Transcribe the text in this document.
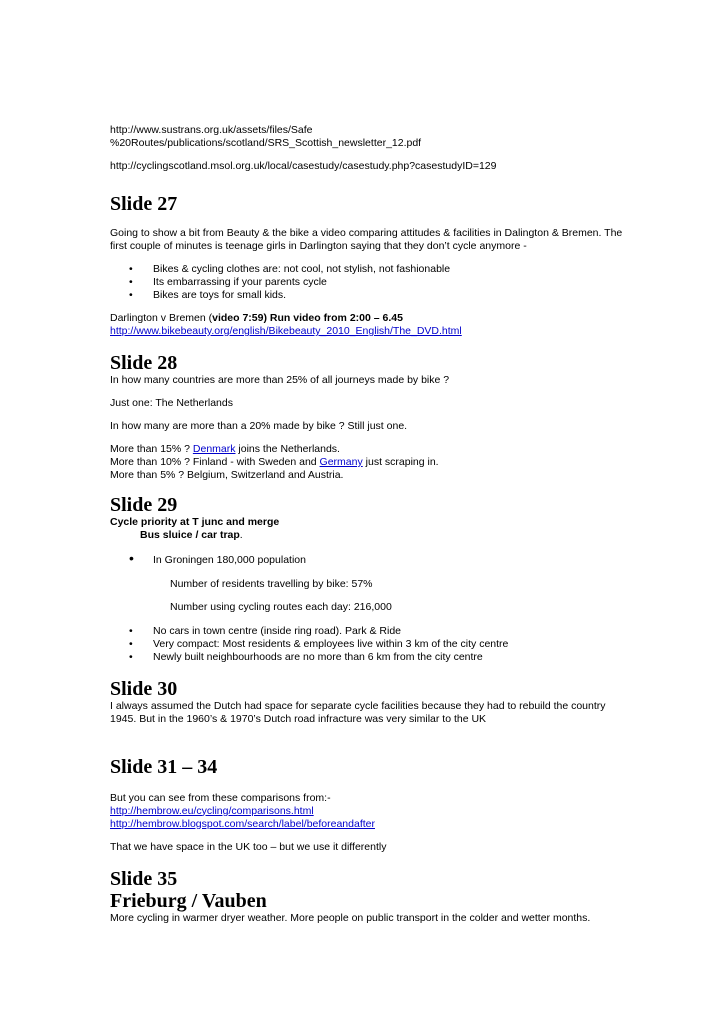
http://www.sustrans.org.uk/assets/files/Safe

%20Routes/publications/scotland/SRS_Scottish_newsletter_12.pdf

http://cyclingscotland.msol.org.uk/local/casestudy/casestudy.php?casestudyID=129

Slide 27

Going to show a bit from Beauty & the bike a video comparing attitudes & facilities in Dalington & Bremen. The first couple of minutes is teenage girls in Darlington saying that they don’t cycle anymore -

• Bikes & cycling clothes are: not cool, not stylish, not fashionable
• Its embarrassing if your parents cycle
• Bikes are toys for small kids.

Darlington v Bremen (video 7:59) Run video from 2:00 – 6.45

http://www.bikebeauty.org/english/Bikebeauty_2010_English/The_DVD.html

Slide 28

In how many countries are more than 25% of all journeys made by bike ?

Just one: The Netherlands

In how many are more than a 20% made by bike ? Still just one.

More than 15% ? Denmark joins the Netherlands.

More than 10% ? Finland - with Sweden and Germany just scraping in.

More than 5% ? Belgium, Switzerland and Austria.

Slide 29

Cycle priority at T junc and merge

Bus sluice / car trap.

• In Groningen 180,000 population

Number of residents travelling by bike: 57%

Number using cycling routes each day: 216,000

• No cars in town centre (inside ring road). Park & Ride
• Very compact: Most residents & employees live within 3 km of the city centre
• Newly built neighbourhoods are no more than 6 km from the city centre
Slide 30

I always assumed the Dutch had space for separate cycle facilities because they had to rebuild the country 1945. But in the 1960’s & 1970’s Dutch road infracture was very similar to the UK

Slide 31 – 34

But you can see from these comparisons from:-

http://hembrow.eu/cycling/comparisons.html

http://hembrow.blogspot.com/search/label/beforeandafter

That we have space in the UK too – but we use it differently

Slide 35
Frieburg / Vauben

More cycling in warmer dryer weather. More people on public transport in the colder and wetter months.
